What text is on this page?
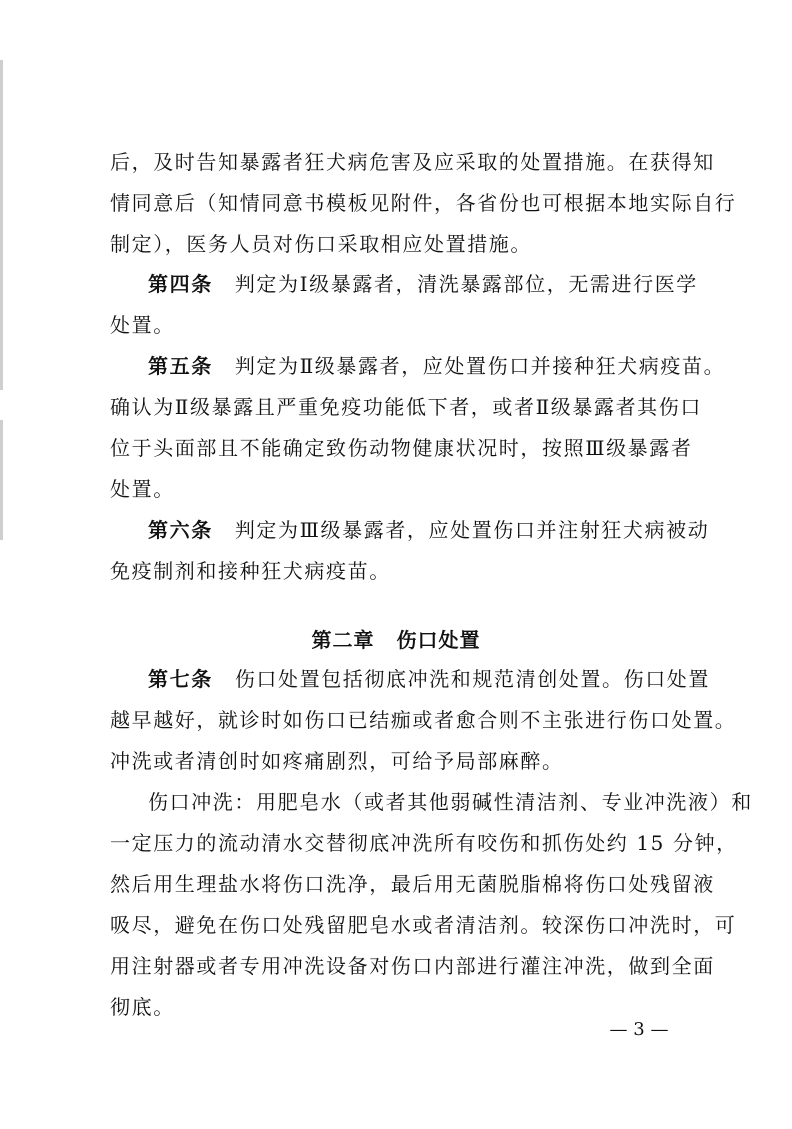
后，及时告知暴露者狂犬病危害及应采取的处置措施。在获得知
情同意后（知情同意书模板见附件，各省份也可根据本地实际自行
制定），医务人员对伤口采取相应处置措施。
第四条 判定为Ⅰ级暴露者，清洗暴露部位，无需进行医学
处置。
第五条 判定为Ⅱ级暴露者，应处置伤口并接种狂犬病疫苗。
确认为Ⅱ级暴露且严重免疫功能低下者，或者Ⅱ级暴露者其伤口
位于头面部且不能确定致伤动物健康状况时，按照Ⅲ级暴露者
处置。
第六条 判定为Ⅲ级暴露者，应处置伤口并注射狂犬病被动
免疫制剂和接种狂犬病疫苗。
第二章 伤口处置
第七条 伤口处置包括彻底冲洗和规范清创处置。伤口处置
越早越好，就诊时如伤口已结痂或者愈合则不主张进行伤口处置。
冲洗或者清创时如疼痛剧烈，可给予局部麻醉。
伤口冲洗：用肥皂水（或者其他弱碱性清洁剂、专业冲洗液）和
一定压力的流动清水交替彻底冲洗所有咬伤和抓伤处约 15 分钟，
然后用生理盐水将伤口洗净，最后用无菌脱脂棉将伤口处残留液
吸尽，避免在伤口处残留肥皂水或者清洁剂。较深伤口冲洗时，可
用注射器或者专用冲洗设备对伤口内部进行灌注冲洗，做到全面
彻底。
— 3 —
